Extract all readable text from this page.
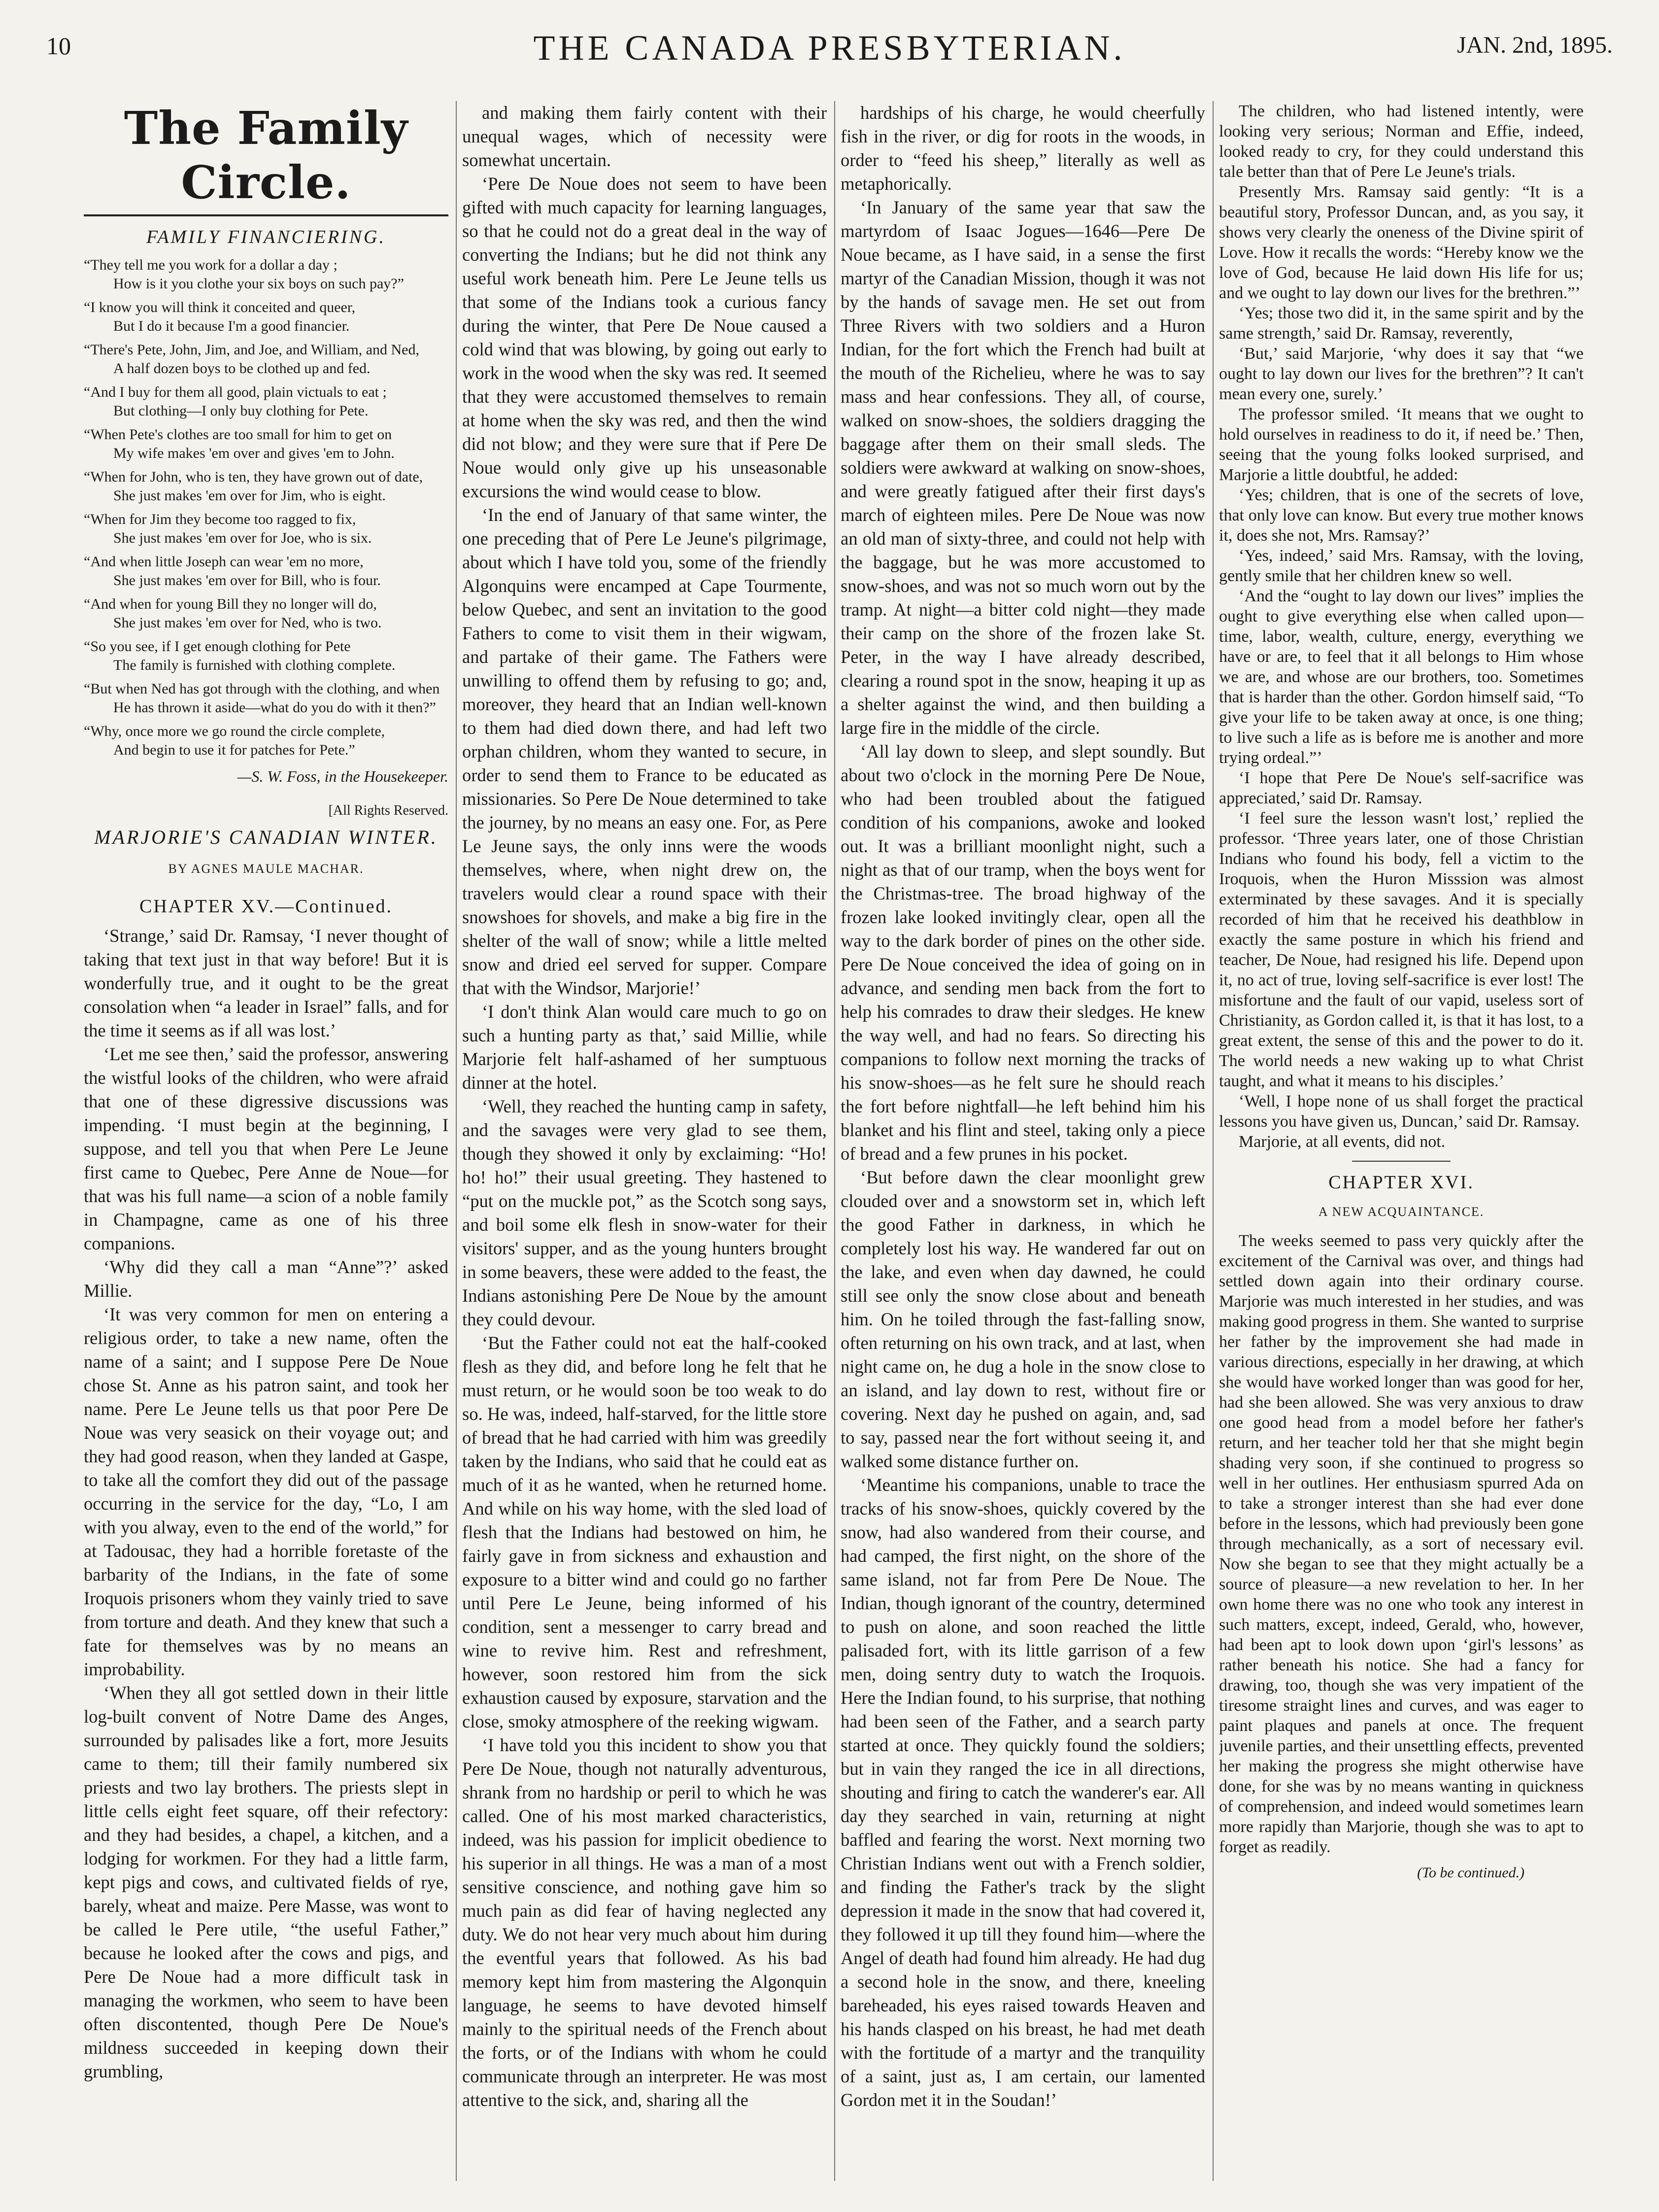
10	THE CANADA PRESBYTERIAN.	JAN. 2nd, 1895.
The Family Circle.
FAMILY FINANCIERING.
“They tell me you work for a dollar a day ;
How is it you clothe your six boys on such pay?”
“I know you will think it conceited and queer,
But I do it because I'm a good financier.
“There's Pete, John, Jim, and Joe, and William, and Ned,
A half dozen boys to be clothed up and fed.
“And I buy for them all good, plain victuals to eat ;
But clothing—I only buy clothing for Pete.
“When Pete's clothes are too small for him to get on
My wife makes 'em over and gives 'em to John.
“When for John, who is ten, they have grown out of date,
She just makes 'em over for Jim, who is eight.
“When for Jim they become too ragged to fix,
She just makes 'em over for Joe, who is six.
“And when little Joseph can wear 'em no more,
She just makes 'em over for Bill, who is four.
“And when for young Bill they no longer will do,
She just makes 'em over for Ned, who is two.
“So you see, if I get enough clothing for Pete
The family is furnished with clothing complete.
“But when Ned has got through with the clothing, and when
He has thrown it aside—what do you do with it then?”
“Why, once more we go round the circle complete,
And begin to use it for patches for Pete.”
—S. W. Foss, in the Housekeeper.
[All Rights Reserved.
MARJORIE'S CANADIAN WINTER.
BY AGNES MAULE MACHAR.
CHAPTER XV.—Continued.

‘Strange,’ said Dr. Ramsay, ‘I never thought of taking that text just in that way before! But it is wonderfully true, and it ought to be the great consolation when “a leader in Israel” falls, and for the time it seems as if all was lost.’

‘Let me see then,’ said the professor, answering the wistful looks of the children, who were afraid that one of these digressive discussions was impending. ‘I must begin at the beginning, I suppose, and tell you that when Pere Le Jeune first came to Quebec, Pere Anne de Noue—for that was his full name—a scion of a noble family in Champagne, came as one of his three companions.

‘Why did they call a man “Anne”?’ asked Millie.

‘It was very common for men on entering a religious order, to take a new name, often the name of a saint; and I suppose Pere De Noue chose St. Anne as his patron saint, and took her name. Pere Le Jeune tells us that poor Pere De Noue was very seasick on their voyage out; and they had good reason, when they landed at Gaspe, to take all the comfort they did out of the passage occurring in the service for the day, “Lo, I am with you alway, even to the end of the world,” for at Tadousac, they had a horrible foretaste of the barbarity of the Indians, in the fate of some Iroquois prisoners whom they vainly tried to save from torture and death. And they knew that such a fate for themselves was by no means an improbability.

‘When they all got settled down in their little log-built convent of Notre Dame des Anges, surrounded by palisades like a fort, more Jesuits came to them; till their family numbered six priests and two lay brothers. The priests slept in little cells eight feet square, off their refectory: and they had besides, a chapel, a kitchen, and a lodging for workmen. For they had a little farm, kept pigs and cows, and cultivated fields of rye, barely, wheat and maize. Pere Masse, was wont to be called le Pere utile, “the useful Father,” because he looked after the cows and pigs, and Pere De Noue had a more difficult task in managing the workmen, who seem to have been often discontented, though Pere De Noue's mildness succeeded in keeping down their grumbling,

and making them fairly content with their unequal wages, which of necessity were somewhat uncertain.

‘Pere De Noue does not seem to have been gifted with much capacity for learning languages, so that he could not do a great deal in the way of converting the Indians; but he did not think any useful work beneath him. Pere Le Jeune tells us that some of the Indians took a curious fancy during the winter, that Pere De Noue caused a cold wind that was blowing, by going out early to work in the wood when the sky was red. It seemed that they were accustomed themselves to remain at home when the sky was red, and then the wind did not blow; and they were sure that if Pere De Noue would only give up his unseasonable excursions the wind would cease to blow.

‘In the end of January of that same winter, the one preceding that of Pere Le Jeune's pilgrimage, about which I have told you, some of the friendly Algonquins were encamped at Cape Tourmente, below Quebec, and sent an invitation to the good Fathers to come to visit them in their wigwam, and partake of their game. The Fathers were unwilling to offend them by refusing to go; and, moreover, they heard that an Indian well-known to them had died down there, and had left two orphan children, whom they wanted to secure, in order to send them to France to be educated as missionaries. So Pere De Noue determined to take the journey, by no means an easy one. For, as Pere Le Jeune says, the only inns were the woods themselves, where, when night drew on, the travelers would clear a round space with their snowshoes for shovels, and make a big fire in the shelter of the wall of snow; while a little melted snow and dried eel served for supper. Compare that with the Windsor, Marjorie!’

‘I don't think Alan would care much to go on such a hunting party as that,’ said Millie, while Marjorie felt half-ashamed of her sumptuous dinner at the hotel.

‘Well, they reached the hunting camp in safety, and the savages were very glad to see them, though they showed it only by exclaiming: “Ho! ho! ho!” their usual greeting. They hastened to “put on the muckle pot,” as the Scotch song says, and boil some elk flesh in snow-water for their visitors' supper, and as the young hunters brought in some beavers, these were added to the feast, the Indians astonishing Pere De Noue by the amount they could devour.

‘But the Father could not eat the half-cooked flesh as they did, and before long he felt that he must return, or he would soon be too weak to do so. He was, indeed, half-starved, for the little store of bread that he had carried with him was greedily taken by the Indians, who said that he could eat as much of it as he wanted, when he returned home. And while on his way home, with the sled load of flesh that the Indians had bestowed on him, he fairly gave in from sickness and exhaustion and exposure to a bitter wind and could go no farther until Pere Le Jeune, being informed of his condition, sent a messenger to carry bread and wine to revive him. Rest and refreshment, however, soon restored him from the sick exhaustion caused by exposure, starvation and the close, smoky atmosphere of the reeking wigwam.

‘I have told you this incident to show you that Pere De Noue, though not naturally adventurous, shrank from no hardship or peril to which he was called. One of his most marked characteristics, indeed, was his passion for implicit obedience to his superior in all things. He was a man of a most sensitive conscience, and nothing gave him so much pain as did fear of having neglected any duty. We do not hear very much about him during the eventful years that followed. As his bad memory kept him from mastering the Algonquin language, he seems to have devoted himself mainly to the spiritual needs of the French about the forts, or of the Indians with whom he could communicate through an interpreter. He was most attentive to the sick, and, sharing all the

hardships of his charge, he would cheerfully fish in the river, or dig for roots in the woods, in order to “feed his sheep,” literally as well as metaphorically.

‘In January of the same year that saw the martyrdom of Isaac Jogues—1646—Pere De Noue became, as I have said, in a sense the first martyr of the Canadian Mission, though it was not by the hands of savage men. He set out from Three Rivers with two soldiers and a Huron Indian, for the fort which the French had built at the mouth of the Richelieu, where he was to say mass and hear confessions. They all, of course, walked on snow-shoes, the soldiers dragging the baggage after them on their small sleds. The soldiers were awkward at walking on snow-shoes, and were greatly fatigued after their first days's march of eighteen miles. Pere De Noue was now an old man of sixty-three, and could not help with the baggage, but he was more accustomed to snow-shoes, and was not so much worn out by the tramp. At night—a bitter cold night—they made their camp on the shore of the frozen lake St. Peter, in the way I have already described, clearing a round spot in the snow, heaping it up as a shelter against the wind, and then building a large fire in the middle of the circle.

‘All lay down to sleep, and slept soundly. But about two o'clock in the morning Pere De Noue, who had been troubled about the fatigued condition of his companions, awoke and looked out. It was a brilliant moonlight night, such a night as that of our tramp, when the boys went for the Christmas-tree. The broad highway of the frozen lake looked invitingly clear, open all the way to the dark border of pines on the other side. Pere De Noue conceived the idea of going on in advance, and sending men back from the fort to help his comrades to draw their sledges. He knew the way well, and had no fears. So directing his companions to follow next morning the tracks of his snow-shoes—as he felt sure he should reach the fort before nightfall—he left behind him his blanket and his flint and steel, taking only a piece of bread and a few prunes in his pocket.

‘But before dawn the clear moonlight grew clouded over and a snowstorm set in, which left the good Father in darkness, in which he completely lost his way. He wandered far out on the lake, and even when day dawned, he could still see only the snow close about and beneath him. On he toiled through the fast-falling snow, often returning on his own track, and at last, when night came on, he dug a hole in the snow close to an island, and lay down to rest, without fire or covering. Next day he pushed on again, and, sad to say, passed near the fort without seeing it, and walked some distance further on.

‘Meantime his companions, unable to trace the tracks of his snow-shoes, quickly covered by the snow, had also wandered from their course, and had camped, the first night, on the shore of the same island, not far from Pere De Noue. The Indian, though ignorant of the country, determined to push on alone, and soon reached the little palisaded fort, with its little garrison of a few men, doing sentry duty to watch the Iroquois. Here the Indian found, to his surprise, that nothing had been seen of the Father, and a search party started at once. They quickly found the soldiers; but in vain they ranged the ice in all directions, shouting and firing to catch the wanderer's ear. All day they searched in vain, returning at night baffled and fearing the worst. Next morning two Christian Indians went out with a French soldier, and finding the Father's track by the slight depression it made in the snow that had covered it, they followed it up till they found him—where the Angel of death had found him already. He had dug a second hole in the snow, and there, kneeling bareheaded, his eyes raised towards Heaven and his hands clasped on his breast, he had met death with the fortitude of a martyr and the tranquility of a saint, just as, I am certain, our lamented Gordon met it in the Soudan!’

The children, who had listened intently, were looking very serious; Norman and Effie, indeed, looked ready to cry, for they could understand this tale better than that of Pere Le Jeune's trials.

Presently Mrs. Ramsay said gently: “It is a beautiful story, Professor Duncan, and, as you say, it shows very clearly the oneness of the Divine spirit of Love. How it recalls the words: “Hereby know we the love of God, because He laid down His life for us; and we ought to lay down our lives for the brethren.”’

‘Yes; those two did it, in the same spirit and by the same strength,’ said Dr. Ramsay, reverently,

‘But,’ said Marjorie, ‘why does it say that “we ought to lay down our lives for the brethren”? It can't mean every one, surely.’

The professor smiled. ‘It means that we ought to hold ourselves in readiness to do it, if need be.’ Then, seeing that the young folks looked surprised, and Marjorie a little doubtful, he added:

‘Yes; children, that is one of the secrets of love, that only love can know. But every true mother knows it, does she not, Mrs. Ramsay?’

‘Yes, indeed,’ said Mrs. Ramsay, with the loving, gently smile that her children knew so well.

‘And the “ought to lay down our lives” implies the ought to give everything else when called upon—time, labor, wealth, culture, energy, everything we have or are, to feel that it all belongs to Him whose we are, and whose are our brothers, too. Sometimes that is harder than the other. Gordon himself said, “To give your life to be taken away at once, is one thing; to live such a life as is before me is another and more trying ordeal.”’

‘I hope that Pere De Noue's self-sacrifice was appreciated,’ said Dr. Ramsay.

‘I feel sure the lesson wasn't lost,’ replied the professor. ‘Three years later, one of those Christian Indians who found his body, fell a victim to the Iroquois, when the Huron Misssion was almost exterminated by these savages. And it is specially recorded of him that he received his deathblow in exactly the same posture in which his friend and teacher, De Noue, had resigned his life. Depend upon it, no act of true, loving self-sacrifice is ever lost! The misfortune and the fault of our vapid, useless sort of Christianity, as Gordon called it, is that it has lost, to a great extent, the sense of this and the power to do it. The world needs a new waking up to what Christ taught, and what it means to his disciples.’

‘Well, I hope none of us shall forget the practical lessons you have given us, Duncan,’ said Dr. Ramsay.

Marjorie, at all events, did not.

CHAPTER XVI.
A NEW ACQUAINTANCE.

The weeks seemed to pass very quickly after the excitement of the Carnival was over, and things had settled down again into their ordinary course. Marjorie was much interested in her studies, and was making good progress in them. She wanted to surprise her father by the improvement she had made in various directions, especially in her drawing, at which she would have worked longer than was good for her, had she been allowed. She was very anxious to draw one good head from a model before her father's return, and her teacher told her that she might begin shading very soon, if she continued to progress so well in her outlines. Her enthusiasm spurred Ada on to take a stronger interest than she had ever done before in the lessons, which had previously been gone through mechanically, as a sort of necessary evil. Now she began to see that they might actually be a source of pleasure—a new revelation to her. In her own home there was no one who took any interest in such matters, except, indeed, Gerald, who, however, had been apt to look down upon ‘girl's lessons’ as rather beneath his notice. She had a fancy for drawing, too, though she was very impatient of the tiresome straight lines and curves, and was eager to paint plaques and panels at once. The frequent juvenile parties, and their unsettling effects, prevented her making the progress she might otherwise have done, for she was by no means wanting in quickness of comprehension, and indeed would sometimes learn more rapidly than Marjorie, though she was to apt to forget as readily.

(To be continued.)
